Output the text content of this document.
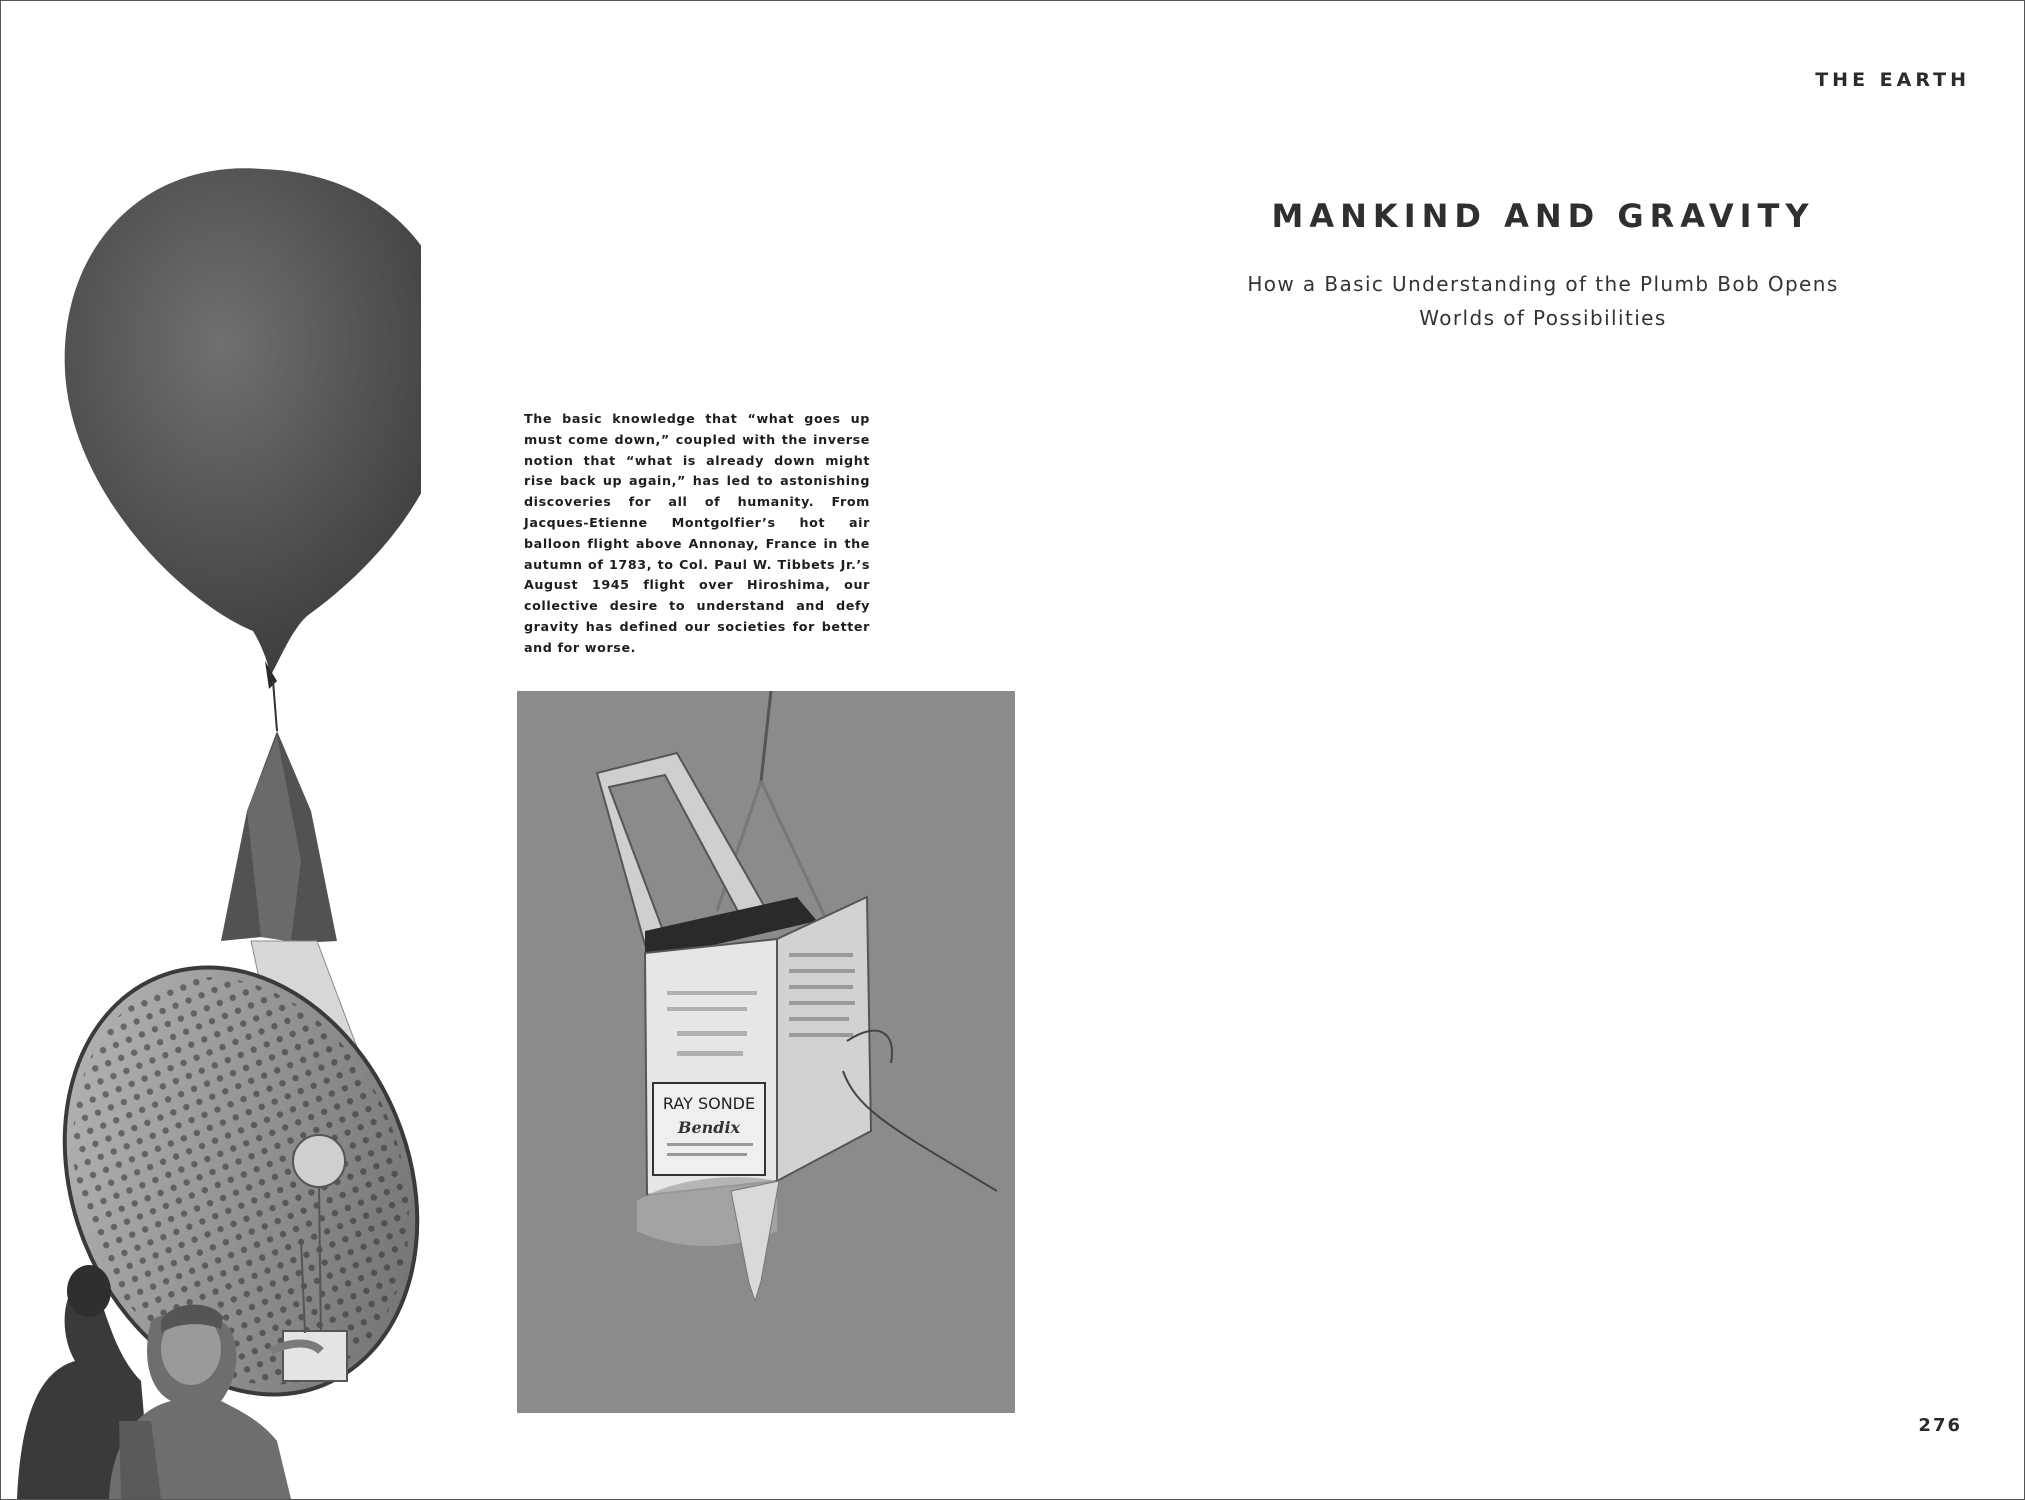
THE EARTH
MANKIND AND GRAVITY
How a Basic Understanding of the Plumb Bob Opens
Worlds of Possibilities
The basic knowledge that “what goes up must come down,” coupled with the inverse notion that “what is already down might rise back up again,” has led to astonishing discoveries for all of humanity. From Jacques-Etienne Montgolfier’s hot air balloon flight above Annonay, France in the autumn of 1783, to Col. Paul W. Tibbets Jr.’s August 1945 flight over Hiroshima, our collective desire to understand and defy gravity has defined our societies for better and for worse.
RAY SONDE
Bendix
276
